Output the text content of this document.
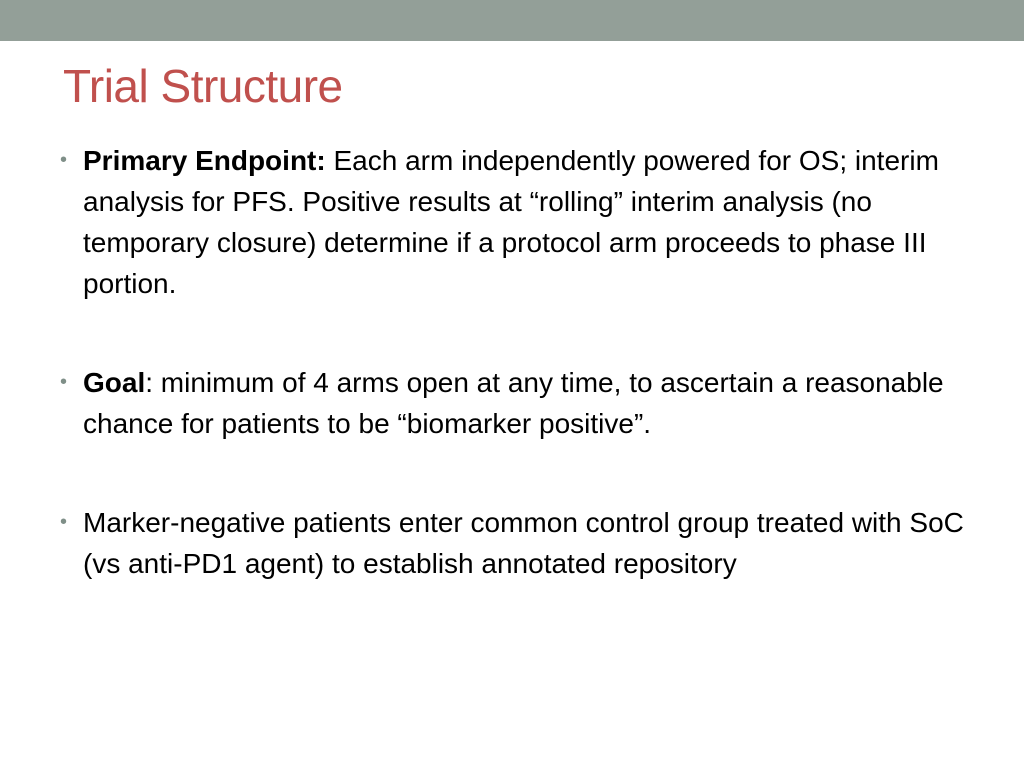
Trial Structure
• Primary Endpoint: Each arm independently powered for OS; interim analysis for PFS. Positive results at “rolling” interim analysis (no temporary closure) determine if a protocol arm proceeds to phase III portion.
• Goal: minimum of 4 arms open at any time, to ascertain a reasonable chance for patients to be “biomarker positive”.
• Marker-negative patients enter common control group treated with SoC (vs anti-PD1 agent) to establish annotated repository
